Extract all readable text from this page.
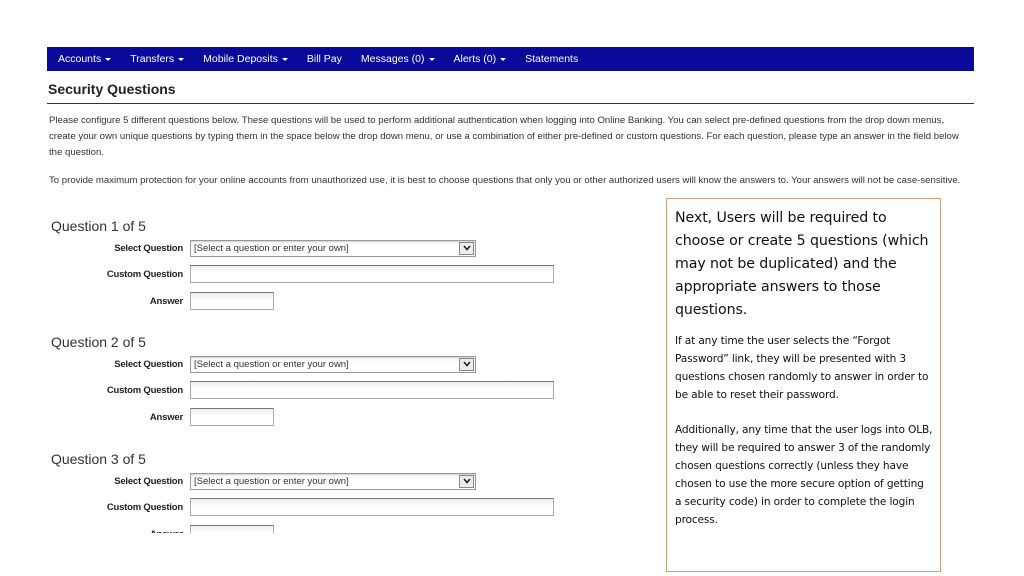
Accounts	Transfers	Mobile Deposits	Bill Pay Messages (0)	Alerts (0)	Statements
Security Questions

Please configure 5 different questions below. These questions will be used to perform additional authentication when logging into Online Banking. You can select pre-defined questions from the drop down menus, create your own unique questions by typing them in the space below the drop down menu, or use a combination of either pre-defined or custom questions. For each question, please type an answer in the field below the question.

To provide maximum protection for your online accounts from unauthorized use, it is best to choose questions that only you or other authorized users will know the answers to. Your answers will not be case-sensitive.

Question 1 of 5
Select Question	[Select a question or enter your own]
Custom Question
Answer
Question 2 of 5
Select Question	[Select a question or enter your own]
Custom Question
Answer
Question 3 of 5
Select Question	[Select a question or enter your own]
Custom Question

Next, Users will be required to choose or create 5 questions (which may not be duplicated) and the appropriate answers to those questions.

If at any time the user selects the “Forgot Password” link, they will be presented with 3 questions chosen randomly to answer in order to be able to reset their password.

Additionally, any time that the user logs into OLB, they will be required to answer 3 of the randomly chosen questions correctly (unless they have chosen to use the more secure option of getting a security code) in order to complete the login process.
